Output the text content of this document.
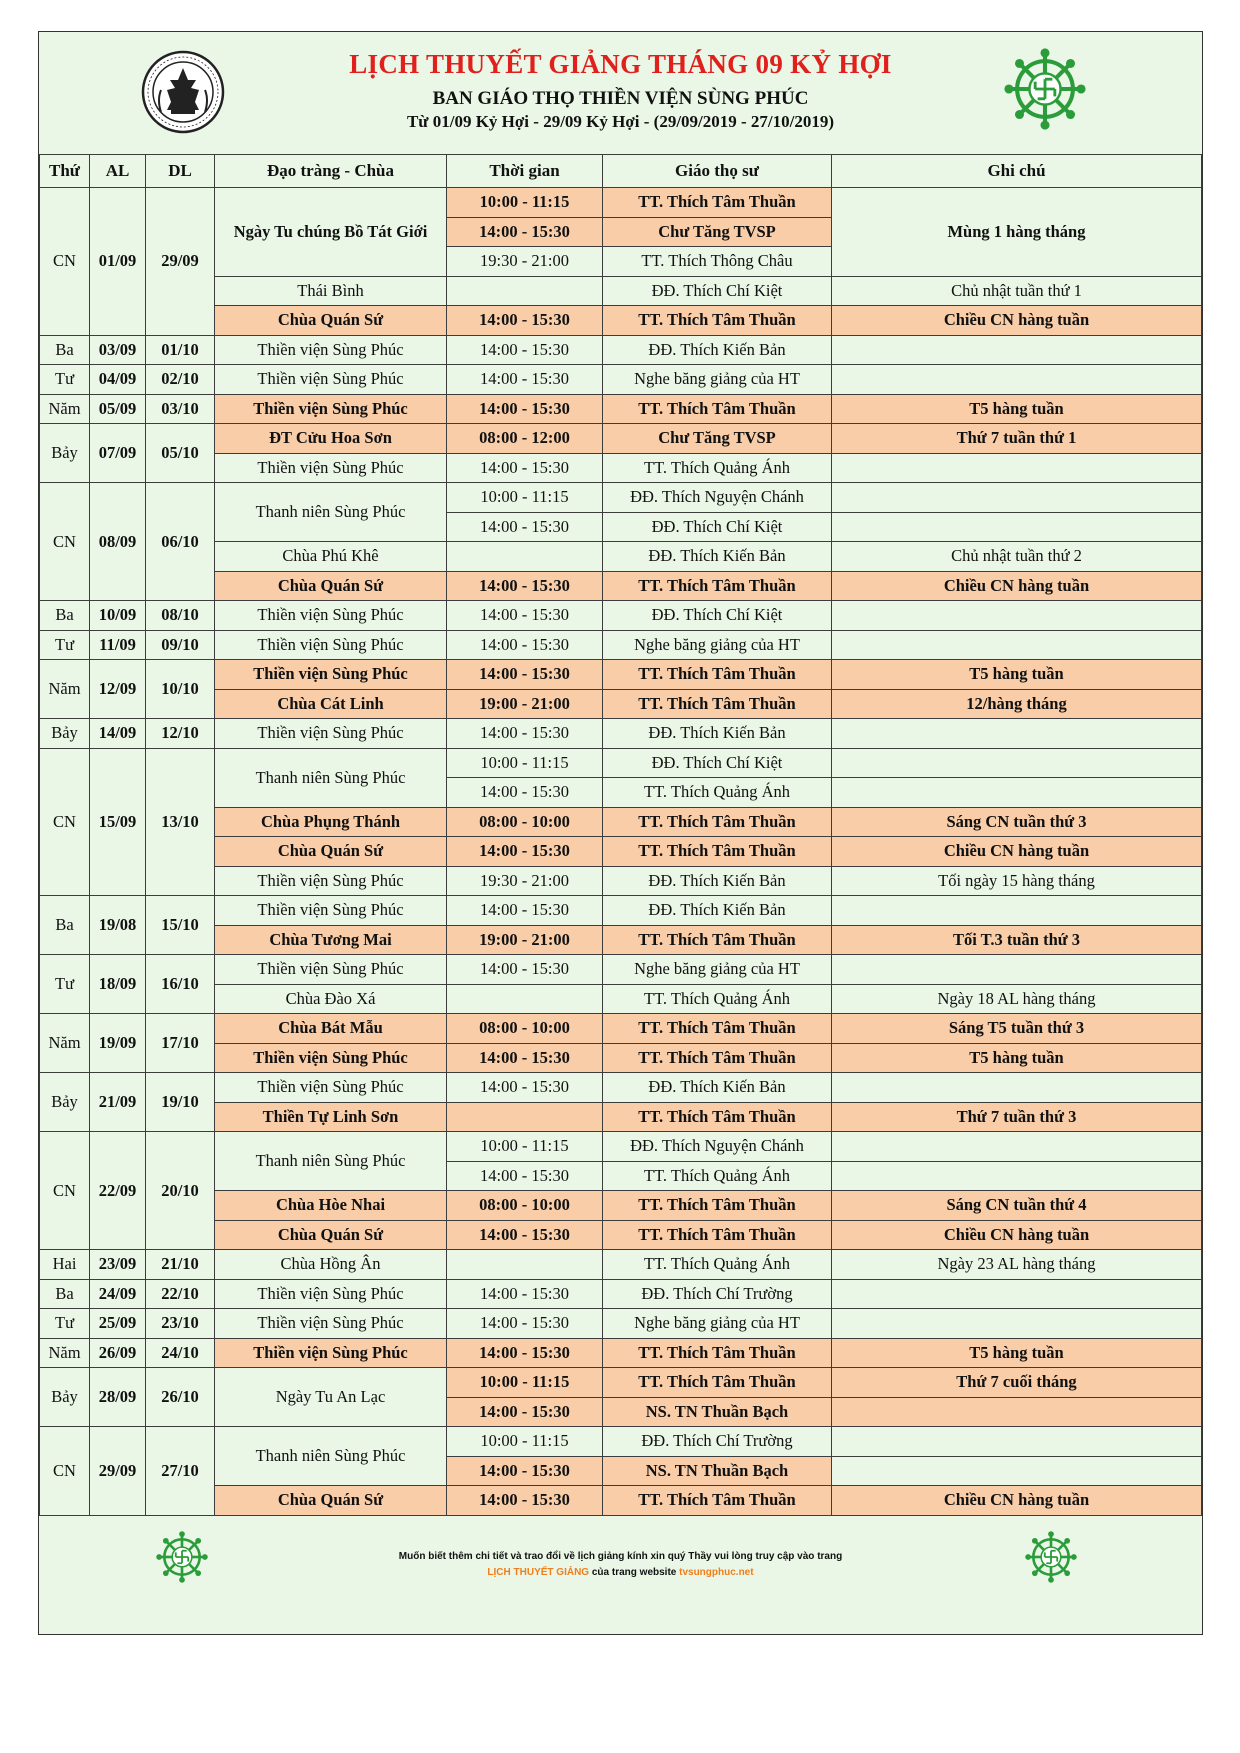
LỊCH THUYẾT GIẢNG THÁNG 09 KỶ HỢI
BAN GIÁO THỌ THIỀN VIỆN SÙNG PHÚC
Từ 01/09 Kỷ Hợi - 29/09 Kỷ Hợi - (29/09/2019 - 27/10/2019)
Thứ	AL	DL	Đạo tràng - Chùa	Thời gian	Giáo thọ sư	Ghi chú
CN	01/09	29/09	Ngày Tu chúng Bồ Tát Giới	10:00 - 11:15	TT. Thích Tâm Thuần	Mùng 1 hàng tháng
				14:00 - 15:30	Chư Tăng TVSP	
				19:30 - 21:00	TT. Thích Thông Châu	
			Thái Bình		ĐĐ. Thích Chí Kiệt	Chủ nhật tuần thứ 1
			Chùa Quán Sứ	14:00 - 15:30	TT. Thích Tâm Thuần	Chiều CN hàng tuần
Ba	03/09	01/10	Thiền viện Sùng Phúc	14:00 - 15:30	ĐĐ. Thích Kiến Bản	
Tư	04/09	02/10	Thiền viện Sùng Phúc	14:00 - 15:30	Nghe băng giảng của HT	
Năm	05/09	03/10	Thiền viện Sùng Phúc	14:00 - 15:30	TT. Thích Tâm Thuần	T5 hàng tuần
Bảy	07/09	05/10	ĐT Cửu Hoa Sơn	08:00 - 12:00	Chư Tăng TVSP	Thứ 7 tuần thứ 1
			Thiền viện Sùng Phúc	14:00 - 15:30	TT. Thích Quảng Ánh	
CN	08/09	06/10	Thanh niên Sùng Phúc	10:00 - 11:15	ĐĐ. Thích Nguyện Chánh	
				14:00 - 15:30	ĐĐ. Thích Chí Kiệt	
			Chùa Phú Khê		ĐĐ. Thích Kiến Bản	Chủ nhật tuần thứ 2
			Chùa Quán Sứ	14:00 - 15:30	TT. Thích Tâm Thuần	Chiều CN hàng tuần
Ba	10/09	08/10	Thiền viện Sùng Phúc	14:00 - 15:30	ĐĐ. Thích Chí Kiệt	
Tư	11/09	09/10	Thiền viện Sùng Phúc	14:00 - 15:30	Nghe băng giảng của HT	
Năm	12/09	10/10	Thiền viện Sùng Phúc	14:00 - 15:30	TT. Thích Tâm Thuần	T5 hàng tuần
			Chùa Cát Linh	19:00 - 21:00	TT. Thích Tâm Thuần	12/hàng tháng
Bảy	14/09	12/10	Thiền viện Sùng Phúc	14:00 - 15:30	ĐĐ. Thích Kiến Bản	
CN	15/09	13/10	Thanh niên Sùng Phúc	10:00 - 11:15	ĐĐ. Thích Chí Kiệt	
				14:00 - 15:30	TT. Thích Quảng Ánh	
			Chùa Phụng Thánh	08:00 - 10:00	TT. Thích Tâm Thuần	Sáng CN tuần thứ 3
			Chùa Quán Sứ	14:00 - 15:30	TT. Thích Tâm Thuần	Chiều CN hàng tuần
			Thiền viện Sùng Phúc	19:30 - 21:00	ĐĐ. Thích Kiến Bản	Tối ngày 15 hàng tháng
Ba	19/08	15/10	Thiền viện Sùng Phúc	14:00 - 15:30	ĐĐ. Thích Kiến Bản	
			Chùa Tương Mai	19:00 - 21:00	TT. Thích Tâm Thuần	Tối T.3 tuần thứ 3
Tư	18/09	16/10	Thiền viện Sùng Phúc	14:00 - 15:30	Nghe băng giảng của HT	
			Chùa Đào Xá		TT. Thích Quảng Ánh	Ngày 18 AL hàng tháng
Năm	19/09	17/10	Chùa Bát Mẫu	08:00 - 10:00	TT. Thích Tâm Thuần	Sáng T5 tuần thứ 3
			Thiền viện Sùng Phúc	14:00 - 15:30	TT. Thích Tâm Thuần	T5 hàng tuần
Bảy	21/09	19/10	Thiền viện Sùng Phúc	14:00 - 15:30	ĐĐ. Thích Kiến Bản	
			Thiền Tự Linh Sơn		TT. Thích Tâm Thuần	Thứ 7 tuần thứ 3
CN	22/09	20/10	Thanh niên Sùng Phúc	10:00 - 11:15	ĐĐ. Thích Nguyện Chánh	
				14:00 - 15:30	TT. Thích Quảng Ánh	
			Chùa Hòe Nhai	08:00 - 10:00	TT. Thích Tâm Thuần	Sáng CN tuần thứ 4
			Chùa Quán Sứ	14:00 - 15:30	TT. Thích Tâm Thuần	Chiều CN hàng tuần
Hai	23/09	21/10	Chùa Hồng Ân		TT. Thích Quảng Ánh	Ngày 23 AL hàng tháng
Ba	24/09	22/10	Thiền viện Sùng Phúc	14:00 - 15:30	ĐĐ. Thích Chí Trường	
Tư	25/09	23/10	Thiền viện Sùng Phúc	14:00 - 15:30	Nghe băng giảng của HT	
Năm	26/09	24/10	Thiền viện Sùng Phúc	14:00 - 15:30	TT. Thích Tâm Thuần	T5 hàng tuần
Bảy	28/09	26/10	Ngày Tu An Lạc	10:00 - 11:15	TT. Thích Tâm Thuần	Thứ 7 cuối tháng
				14:00 - 15:30	NS. TN Thuần Bạch	
CN	29/09	27/10	Thanh niên Sùng Phúc	10:00 - 11:15	ĐĐ. Thích Chí Trường	
				14:00 - 15:30	NS. TN Thuần Bạch	
			Chùa Quán Sứ	14:00 - 15:30	TT. Thích Tâm Thuần	Chiều CN hàng tuần
Muốn biết thêm chi tiết và trao đổi về lịch giảng kính xin quý Thầy vui lòng truy cập vào trang
LỊCH THUYẾT GIẢNG của trang website tvsungphuc.net
